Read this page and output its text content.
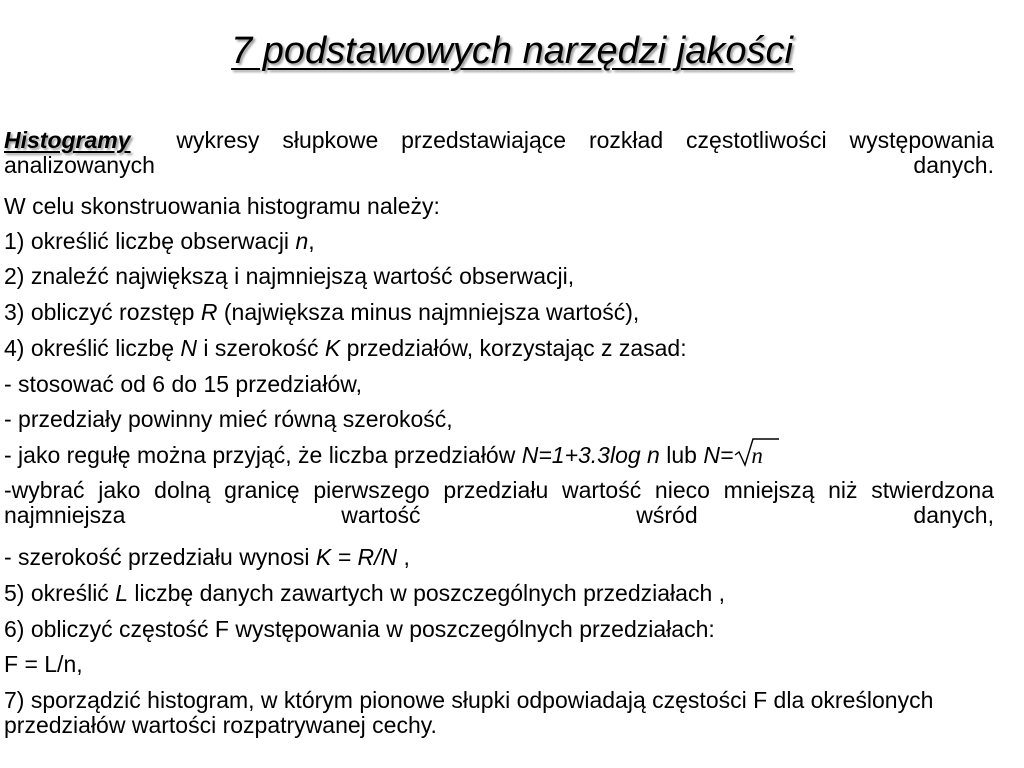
7 podstawowych narzędzi jakości
Histogramy wykresy słupkowe przedstawiające rozkład częstotliwości występowania analizowanych danych.
W celu skonstruowania histogramu należy:
1) określić liczbę obserwacji n,
2) znaleźć największą i najmniejszą wartość obserwacji,
3) obliczyć rozstęp R (największa minus najmniejsza wartość),
4) określić liczbę N i szerokość K przedziałów, korzystając z zasad:
- stosować od 6 do 15 przedziałów,
- przedziały powinny mieć równą szerokość,
- jako regułę można przyjąć, że liczba przedziałów N=1+3.3log n lub N= n
-wybrać jako dolną granicę pierwszego przedziału wartość nieco mniejszą niż stwierdzona najmniejsza wartość wśród danych,
- szerokość przedziału wynosi K = R/N ,
5) określić L liczbę danych zawartych w poszczególnych przedziałach ,
6) obliczyć częstość F występowania w poszczególnych przedziałach:
F = L/n,
7) sporządzić histogram, w którym pionowe słupki odpowiadają częstości F dla określonych przedziałów wartości rozpatrywanej cechy.
